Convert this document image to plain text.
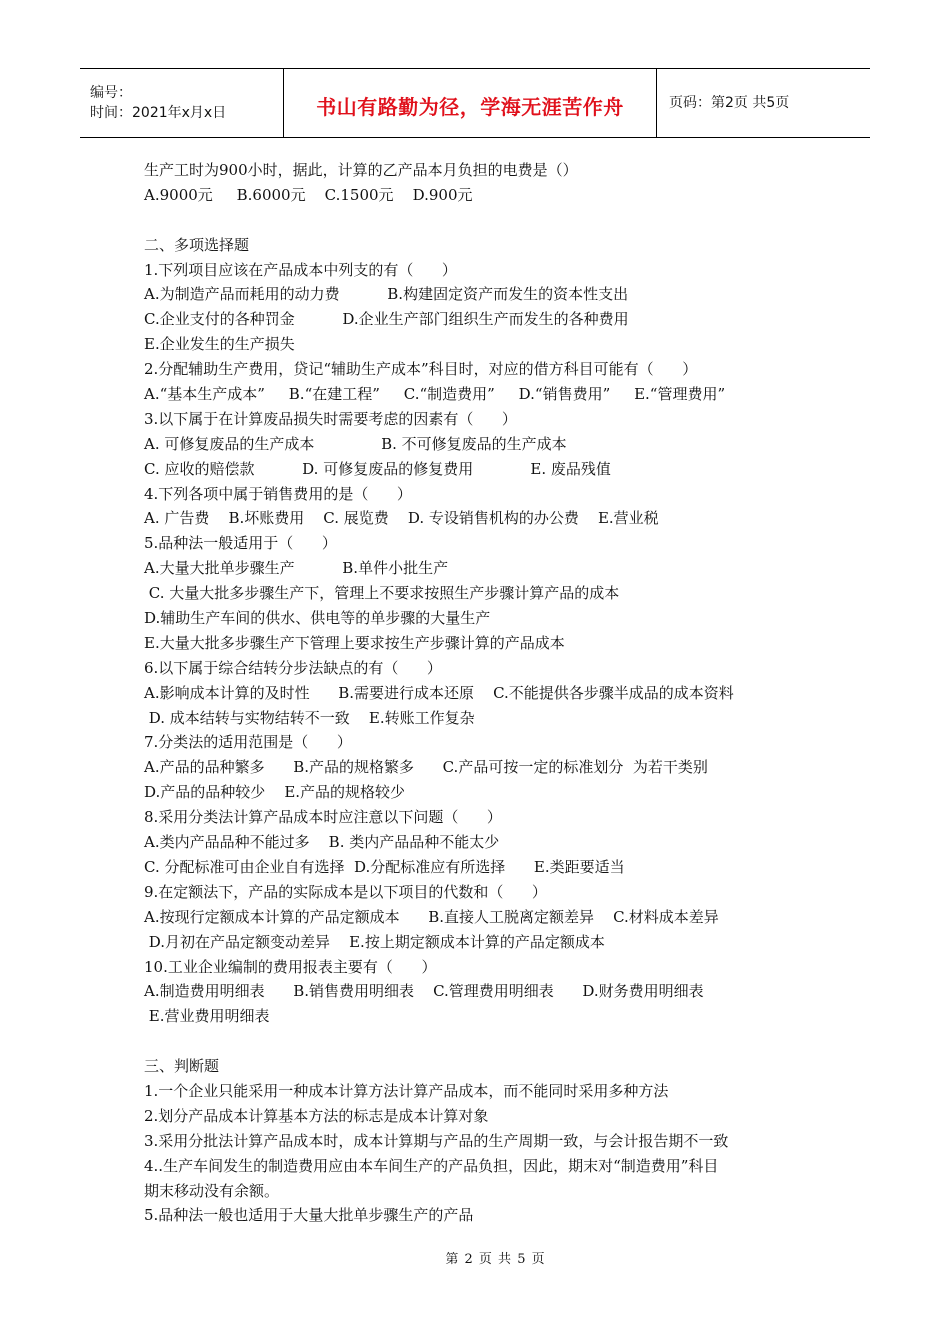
编号：
时间：2021年x月x日	书山有路勤为径，学海无涯苦作舟	页码：第2页 共5页
生产工时为900小时，据此，计算的乙产品本月负担的电费是（）
A.9000元     B.6000元    C.1500元    D.900元
二、多项选择题
1.下列项目应该在产品成本中列支的有（      ）
A.为制造产品而耗用的动力费          B.构建固定资产而发生的资本性支出
C.企业支付的各种罚金          D.企业生产部门组织生产而发生的各种费用
E.企业发生的生产损失
2.分配辅助生产费用，贷记“辅助生产成本”科目时，对应的借方科目可能有（      ）
A.“基本生产成本”     B.“在建工程”     C.“制造费用”     D.“销售费用”     E.“管理费用”
3.以下属于在计算废品损失时需要考虑的因素有（      ）
A. 可修复废品的生产成本              B. 不可修复废品的生产成本
C. 应收的赔偿款          D. 可修复废品的修复费用            E. 废品残值
4.下列各项中属于销售费用的是（      ）
A. 广告费    B.坏账费用    C. 展览费    D. 专设销售机构的办公费    E.营业税
5.品种法一般适用于（      ）
A.大量大批单步骤生产          B.单件小批生产
C. 大量大批多步骤生产下，管理上不要求按照生产步骤计算产品的成本
D.辅助生产车间的供水、供电等的单步骤的大量生产
E.大量大批多步骤生产下管理上要求按生产步骤计算的产品成本
6.以下属于综合结转分步法缺点的有（      ）
A.影响成本计算的及时性      B.需要进行成本还原    C.不能提供各步骤半成品的成本资料
D. 成本结转与实物结转不一致    E.转账工作复杂
7.分类法的适用范围是（      ）
A.产品的品种繁多      B.产品的规格繁多      C.产品可按一定的标准划分  为若干类别
D.产品的品种较少    E.产品的规格较少
8.采用分类法计算产品成本时应注意以下问题（      ）
A.类内产品品种不能过多    B. 类内产品品种不能太少
C. 分配标准可由企业自有选择  D.分配标准应有所选择      E.类距要适当
9.在定额法下，产品的实际成本是以下项目的代数和（      ）
A.按现行定额成本计算的产品定额成本      B.直接人工脱离定额差异    C.材料成本差异
D.月初在产品定额变动差异    E.按上期定额成本计算的产品定额成本
10.工业企业编制的费用报表主要有（      ）
A.制造费用明细表      B.销售费用明细表    C.管理费用明细表      D.财务费用明细表
E.营业费用明细表
三、判断题
1.一个企业只能采用一种成本计算方法计算产品成本，而不能同时采用多种方法
2.划分产品成本计算基本方法的标志是成本计算对象
3.采用分批法计算产品成本时，成本计算期与产品的生产周期一致，与会计报告期不一致
4..生产车间发生的制造费用应由本车间生产的产品负担，因此，期末对“制造费用”科目
期末移动没有余额。
5.品种法一般也适用于大量大批单步骤生产的产品
第 2 页 共 5 页
